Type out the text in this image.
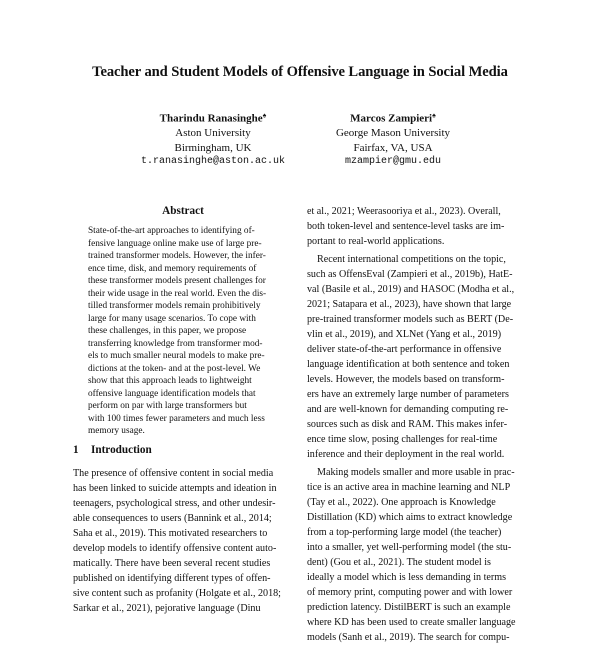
Teacher and Student Models of Offensive Language in Social Media
Tharindu Ranasinghe♠
Aston University
Birmingham, UK
t.ranasinghe@aston.ac.uk
Marcos Zampieri♠
George Mason University
Fairfax, VA, USA
mzampier@gmu.edu
Abstract
State-of-the-art approaches to identifying of-
fensive language online make use of large pre-
trained transformer models. However, the infer-
ence time, disk, and memory requirements of
these transformer models present challenges for
their wide usage in the real world. Even the dis-
tilled transformer models remain prohibitively
large for many usage scenarios. To cope with
these challenges, in this paper, we propose
transferring knowledge from transformer mod-
els to much smaller neural models to make pre-
dictions at the token- and at the post-level. We
show that this approach leads to lightweight
offensive language identification models that
perform on par with large transformers but
with 100 times fewer parameters and much less
memory usage.
1 Introduction
The presence of offensive content in social media
has been linked to suicide attempts and ideation in
teenagers, psychological stress, and other undesir-
able consequences to users (Bannink et al., 2014;
Saha et al., 2019). This motivated researchers to
develop models to identify offensive content auto-
matically. There have been several recent studies
published on identifying different types of offen-
sive content such as profanity (Holgate et al., 2018;
Sarkar et al., 2021), pejorative language (Dinu
et al., 2021; Weerasooriya et al., 2023). Overall,
both token-level and sentence-level tasks are im-
portant to real-world applications.
Recent international competitions on the topic,
such as OffensEval (Zampieri et al., 2019b), HatE-
val (Basile et al., 2019) and HASOC (Modha et al.,
2021; Satapara et al., 2023), have shown that large
pre-trained transformer models such as BERT (De-
vlin et al., 2019), and XLNet (Yang et al., 2019)
deliver state-of-the-art performance in offensive
language identification at both sentence and token
levels. However, the models based on transform-
ers have an extremely large number of parameters
and are well-known for demanding computing re-
sources such as disk and RAM. This makes infer-
ence time slow, posing challenges for real-time
inference and their deployment in the real world.
Making models smaller and more usable in prac-
tice is an active area in machine learning and NLP
(Tay et al., 2022). One approach is Knowledge
Distillation (KD) which aims to extract knowledge
from a top-performing large model (the teacher)
into a smaller, yet well-performing model (the stu-
dent) (Gou et al., 2021). The student model is
ideally a model which is less demanding in terms
of memory print, computing power and with lower
prediction latency. DistilBERT is such an example
where KD has been used to create smaller language
models (Sanh et al., 2019). The search for compu-
